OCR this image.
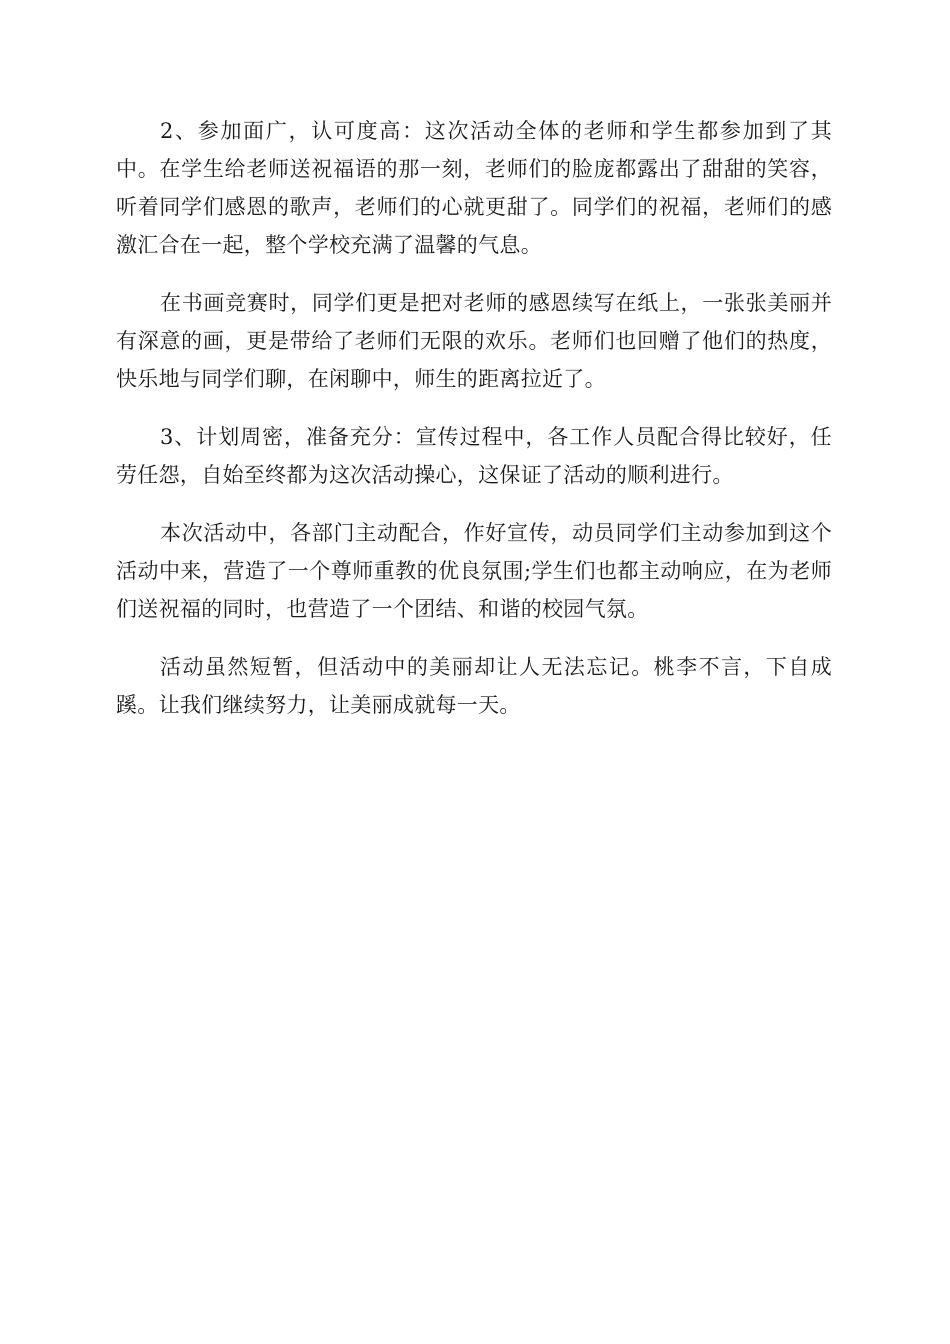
2、参加面广，认可度高：这次活动全体的老师和学生都参加到了其中。在学生给老师送祝福语的那一刻，老师们的脸庞都露出了甜甜的笑容，听着同学们感恩的歌声，老师们的心就更甜了。同学们的祝福，老师们的感激汇合在一起，整个学校充满了温馨的气息。

在书画竞赛时，同学们更是把对老师的感恩续写在纸上，一张张美丽并有深意的画，更是带给了老师们无限的欢乐。老师们也回赠了他们的热度，快乐地与同学们聊，在闲聊中，师生的距离拉近了。

3、计划周密，准备充分：宣传过程中，各工作人员配合得比较好，任劳任怨，自始至终都为这次活动操心，这保证了活动的顺利进行。

本次活动中，各部门主动配合，作好宣传，动员同学们主动参加到这个活动中来，营造了一个尊师重教的优良氛围;学生们也都主动响应，在为老师们送祝福的同时，也营造了一个团结、和谐的校园气氛。

活动虽然短暂，但活动中的美丽却让人无法忘记。桃李不言，下自成蹊。让我们继续努力，让美丽成就每一天。
